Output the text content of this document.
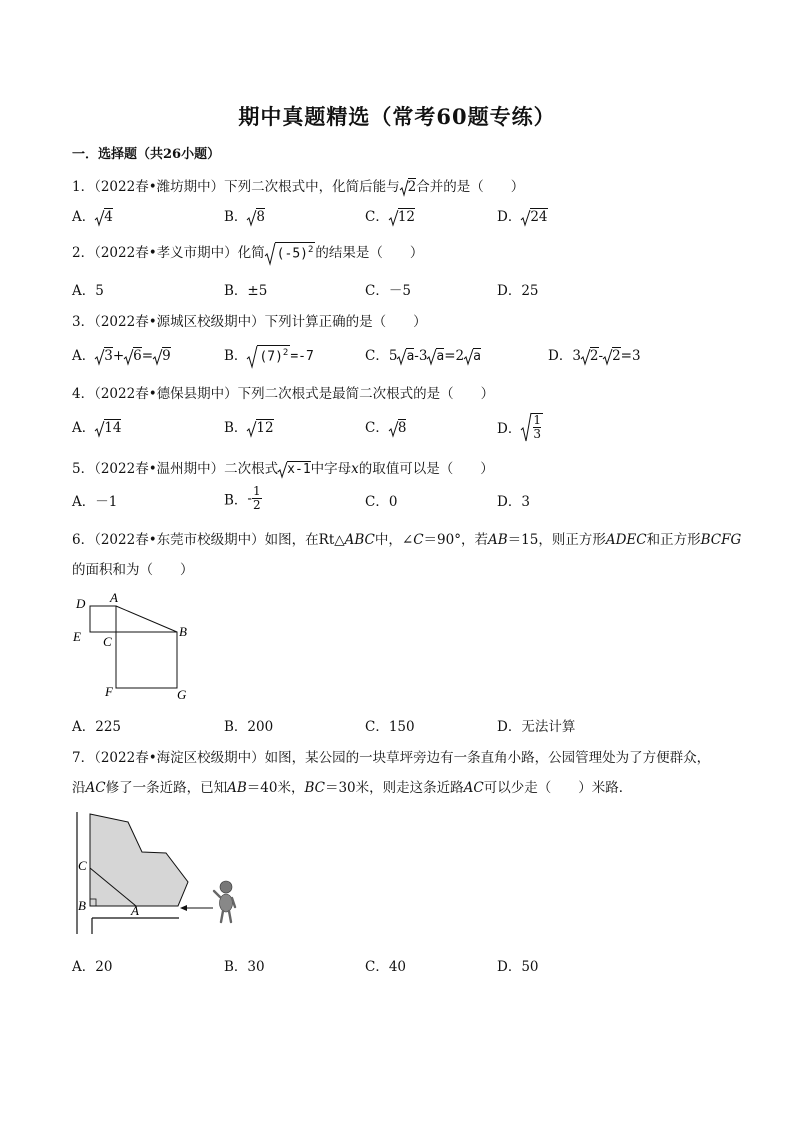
期中真题精选（常考60题专练）
一．选择题（共26小题）
1．（2022春•潍坊期中）下列二次根式中，化简后能与 2合并的是（　　）
A． 4	B． 8	C． 12	D． 24
2．（2022春•孝义市期中）化简 $(-5)^2$ 的结果是（　　）
A．5	B．±5	C．－5	D．25
3．（2022春•源城区校级期中）下列计算正确的是（　　）
A． 3+ 6= 9	B． $(7)^2 =-7$	C．5 a-3 a=2 a	D．3 2- 2=3
4．（2022春•德保县期中）下列二次根式是最简二次根式的是（　　）
A． 14	B． 12	C． 8	D． $\frac{1}{3}$
5．（2022春•温州期中）二次根式 x-1中字母x的取值可以是（　　）
A．－1	B．- $\frac{1}{2}$	C．0	D．3
6．（2022春•东莞市校级期中）如图，在Rt△ABC中，∠C＝90°，若AB＝15，则正方形ADEC和正方形BCFG
的面积和为（　　）
D A
E C
B
F	G
A．225	B．200	C．150	D．无法计算
7．（2022春•海淀区校级期中）如图，某公园的一块草坪旁边有一条直角小路，公园管理处为了方便群众，
沿AC修了一条近路，已知AB＝40米，BC＝30米，则走这条近路AC可以少走（　　）米路．
C
B	A
A．20	B．30	C．40	D．50
